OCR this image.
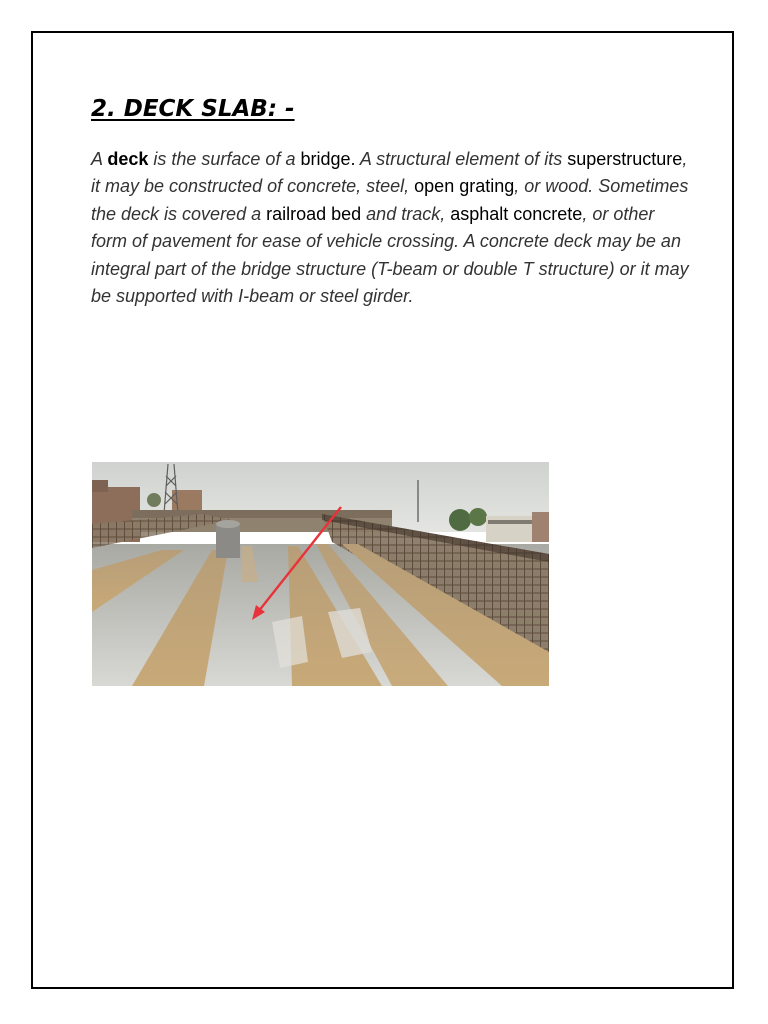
2. DECK SLAB: -

A deck is the surface of a bridge. A structural element of its superstructure, it may be constructed of concrete, steel, open grating, or wood. Sometimes the deck is covered a railroad bed and track, asphalt concrete, or other form of pavement for ease of vehicle crossing. A concrete deck may be an integral part of the bridge structure (T-beam or double T structure) or it may be supported with I-beam or steel girder.
